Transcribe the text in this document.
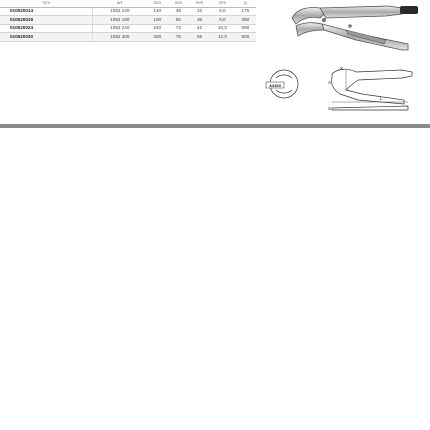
mm	art	mm	mm	mm	mm	g
010520014	1052 140	140	48	22	6,0	175
010520019	1052 190	190	60	36	9,0	360
010520024	1052 240	240	72	42	10,0	590
010520030	1052 300	300	75	55	12,0	800
A3400
X
A
L
S
